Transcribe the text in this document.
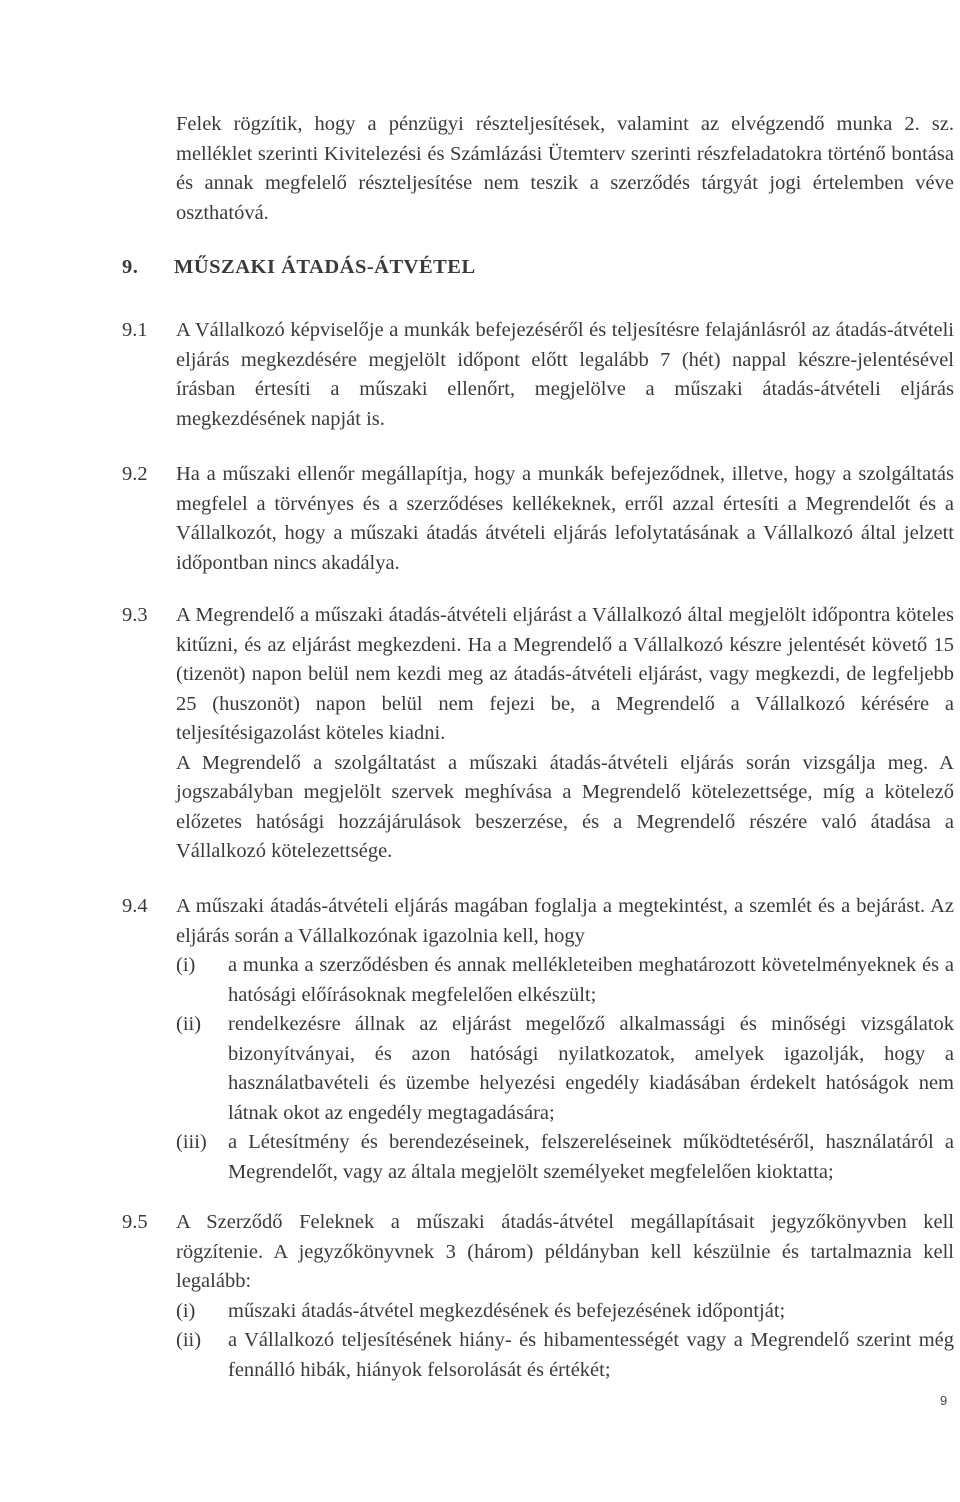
Felek rögzítik, hogy a pénzügyi részteljesítések, valamint az elvégzendő munka 2. sz. melléklet szerinti Kivitelezési és Számlázási Ütemterv szerinti részfeladatokra történő bontása és annak megfelelő részteljesítése nem teszik a szerződés tárgyát jogi értelemben véve oszthatóvá.
9. MŰSZAKI ÁTADÁS-ÁTVÉTEL
9.1	A Vállalkozó képviselője a munkák befejezéséről és teljesítésre felajánlásról az átadás-átvételi eljárás megkezdésére megjelölt időpont előtt legalább 7 (hét) nappal készre-jelentésével írásban értesíti a műszaki ellenőrt, megjelölve a műszaki átadás-átvételi eljárás megkezdésének napját is.
9.2	Ha a műszaki ellenőr megállapítja, hogy a munkák befejeződnek, illetve, hogy a szolgáltatás megfelel a törvényes és a szerződéses kellékeknek, erről azzal értesíti a Megrendelőt és a Vállalkozót, hogy a műszaki átadás átvételi eljárás lefolytatásának a Vállalkozó által jelzett időpontban nincs akadálya.
9.3	A Megrendelő a műszaki átadás-átvételi eljárást a Vállalkozó által megjelölt időpontra köteles kitűzni, és az eljárást megkezdeni. Ha a Megrendelő a Vállalkozó készre jelentését követő 15 (tizenöt) napon belül nem kezdi meg az átadás-átvételi eljárást, vagy megkezdi, de legfeljebb 25 (huszonöt) napon belül nem fejezi be, a Megrendelő a Vállalkozó kérésére a teljesítésigazolást köteles kiadni.

A Megrendelő a szolgáltatást a műszaki átadás-átvételi eljárás során vizsgálja meg. A jogszabályban megjelölt szervek meghívása a Megrendelő kötelezettsége, míg a kötelező előzetes hatósági hozzájárulások beszerzése, és a Megrendelő részére való átadása a Vállalkozó kötelezettsége.

9.4	A műszaki átadás-átvételi eljárás magában foglalja a megtekintést, a szemlét és a bejárást. Az eljárás során a Vállalkozónak igazolnia kell, hogy

(i) a munka a szerződésben és annak mellékleteiben meghatározott követelményeknek és a hatósági előírásoknak megfelelően elkészült;
(ii) rendelkezésre állnak az eljárást megelőző alkalmassági és minőségi vizsgálatok bizonyítványai, és azon hatósági nyilatkozatok, amelyek igazolják, hogy a használatbavételi és üzembe helyezési engedély kiadásában érdekelt hatóságok nem látnak okot az engedély megtagadására;
(iii) a Létesítmény és berendezéseinek, felszereléseinek működtetéséről, használatáról a Megrendelőt, vagy az általa megjelölt személyeket megfelelően kioktatta;
9.5	A Szerződő Feleknek a műszaki átadás-átvétel megállapításait jegyzőkönyvben kell rögzítenie. A jegyzőkönyvnek 3 (három) példányban kell készülnie és tartalmaznia kell legalább:

(i) műszaki átadás-átvétel megkezdésének és befejezésének időpontját;
(ii) a Vállalkozó teljesítésének hiány- és hibamentességét vagy a Megrendelő szerint még fennálló hibák, hiányok felsorolását és értékét;
9
